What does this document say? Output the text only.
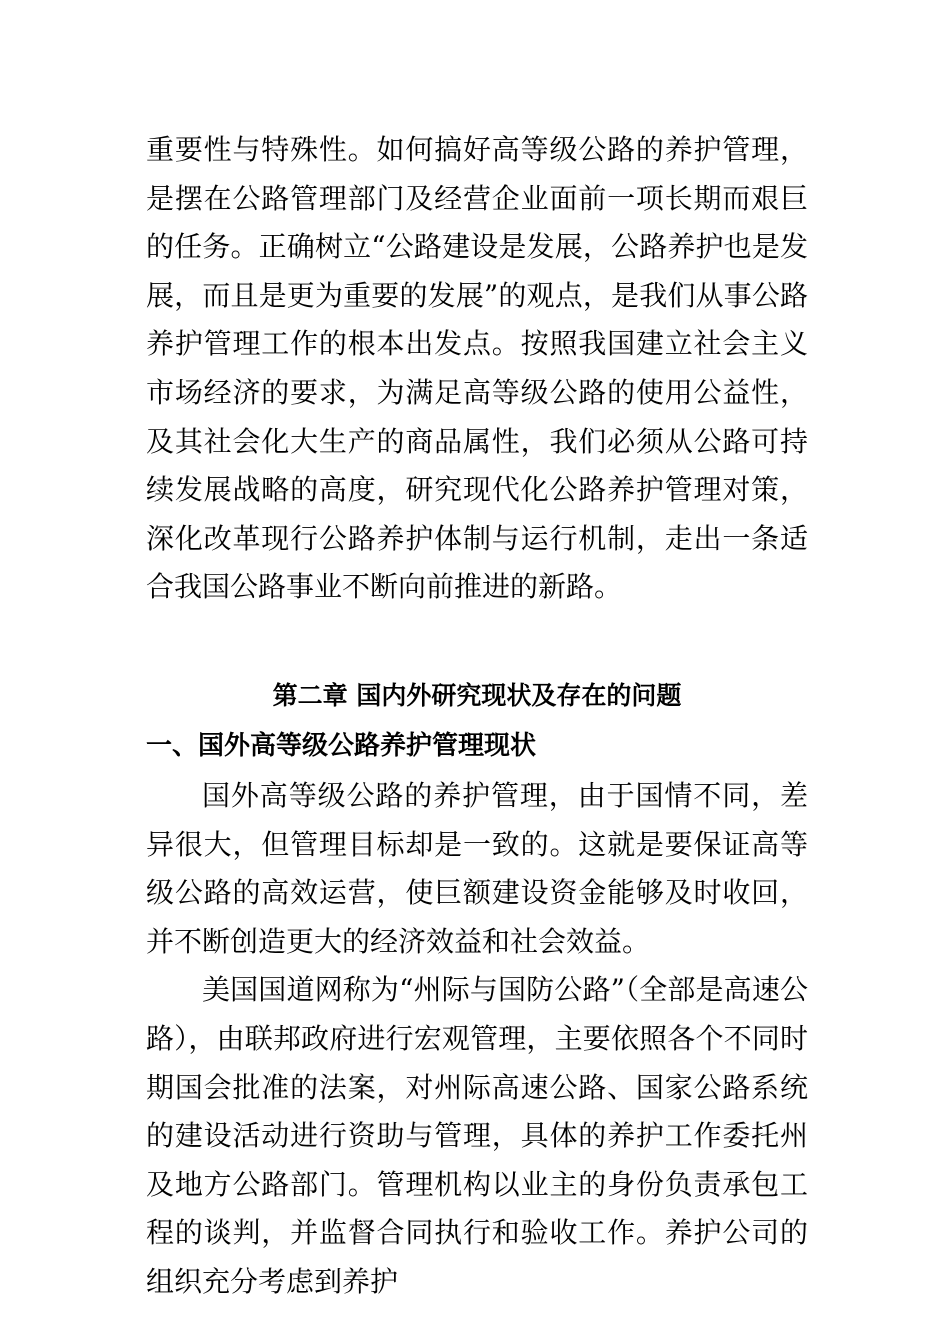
重要性与特殊性。如何搞好高等级公路的养护管理，是摆在公路管理部门及经营企业面前一项长期而艰巨的任务。正确树立“公路建设是发展，公路养护也是发展，而且是更为重要的发展”的观点，是我们从事公路养护管理工作的根本出发点。按照我国建立社会主义市场经济的要求，为满足高等级公路的使用公益性，及其社会化大生产的商品属性，我们必须从公路可持续发展战略的高度，研究现代化公路养护管理对策，深化改革现行公路养护体制与运行机制，走出一条适合我国公路事业不断向前推进的新路。

第二章 国内外研究现状及存在的问题
一、国外高等级公路养护管理现状

国外高等级公路的养护管理，由于国情不同，差异很大，但管理目标却是一致的。这就是要保证高等级公路的高效运营，使巨额建设资金能够及时收回，并不断创造更大的经济效益和社会效益。

美国国道网称为“州际与国防公路”（全部是高速公路），由联邦政府进行宏观管理，主要依照各个不同时期国会批准的法案，对州际高速公路、国家公路系统的建设活动进行资助与管理，具体的养护工作委托州及地方公路部门。管理机构以业主的身份负责承包工程的谈判，并监督合同执行和验收工作。养护公司的组织充分考虑到养护
